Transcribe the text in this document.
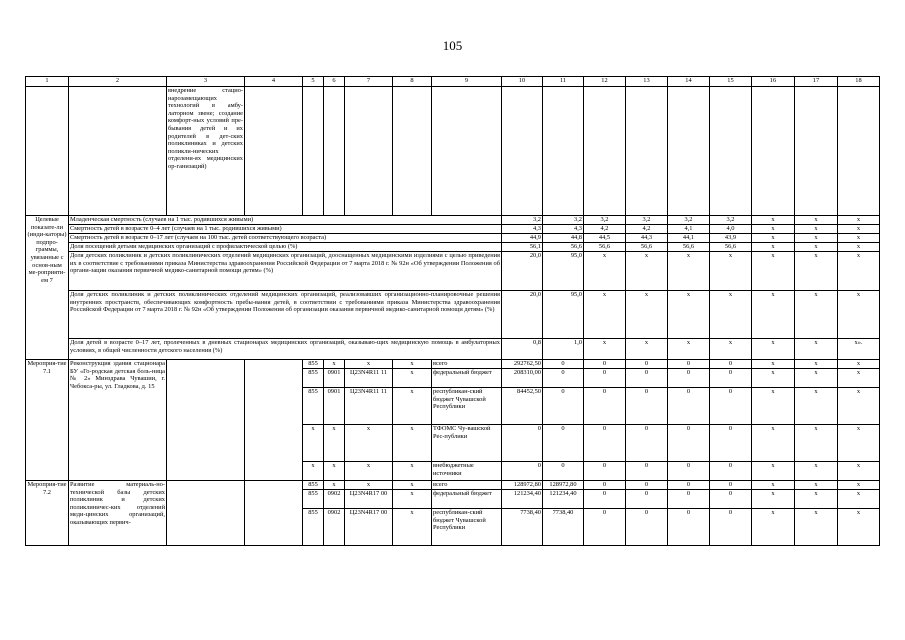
105
1	2	3	4	5	6	7	8	9	10	11	12	13	14	15	16	17	18
		внедрение стацио-нарозамещающих технологий в амбу-латорном звене; создание комфорт-ных условий пре-бывания детей и их родителей в дет-ских поликлиниках и детских поликли-нических отделени-ях медицинских ор-ганизаций)															
Целевые показате-ли (инди-каторы) подпро-граммы, увязанные с основ-ным ме-роприяти-ем 7	Младенческая смертность (случаев на 1 тыс. родившихся живыми)								3,2	3,2	3,2	3,2	3,2	3,2	x	x	x
	Смертность детей в возрасте 0–4 лет (случаев на 1 тыс. родившихся живыми)								4,3	4,3	4,2	4,2	4,1	4,0	x	x	x
	Смертность детей в возрасте 0–17 лет (случаев на 100 тыс. детей соответствующего возраста)								44,9	44,8	44,5	44,3	44,1	43,9	x	x	x
	Доля посещений детьми медицинских организаций с профилактической целью (%)								56,1	56,6	56,6	56,6	56,6	56,6	x	x	x
	Доля детских поликлиник и детских поликлинических отделений медицинских организаций, дооснащенных медицинскими изделиями с целью приведения их в соответствие с требованиями приказа Министерства здравоохранения Российской Федерации от 7 марта 2018 г. № 92н «Об утверждении Положения об органи-зации оказания первичной медико-санитарной помощи детям» (%)								20,0	95,0	x	x	x	x	x	x	x
	Доля детских поликлиник и детских поликлинических отделений медицинских организаций, реализовавших организационно-планировочные решения внутренних пространств, обеспечивающих комфортность пребы-вания детей, в соответствии с требованиями приказа Министерства здравоохранения Российской Федерации от 7 марта 2018 г. № 92н «Об утверждении Положения об организации оказания первичной медико-санитарной помощи детям» (%)								20,0	95,0	x	x	x	x	x	x	x
	Доля детей в возрасте 0–17 лет, пролеченных в дневных стационарах медицинских организаций, оказываю-щих медицинскую помощь в амбулаторных условиях, в общей численности детского населения (%)								0,8	1,0	x	x	x	x	x	x	x».
Мероприя-тие 7.1	Реконструкция здания стационара БУ «Го-родская детская боль-ница № 2» Минздрава Чувашии, г. Чебокса-ры, ул. Гладкова, д. 15			855	x	x	x	всего	292762,50	0	0	0	0	0	x	x	x
				855	0901	Ц23N4R11 11	x	федеральный бюджет	208310,00	0	0	0	0	0	x	x	x
				855	0901	Ц23N4R11 11	x	республикан-ский бюджет Чувашской Республики	84452,50	0	0	0	0	0	x	x	x
				x	x	x	x	ТФОМС Чу-вашской Рес-публики	0	0	0	0	0	0	x	x	x
				x	x	x	x	внебюджетные источники	0	0	0	0	0	0	x	x	x
Мероприя-тие 7.2	Развитие материаль-но-технической базы детских поликлиник и детских поликлиничес-ких отделений меди-цинских организаций, оказывающих первич-			855	x	x	x	всего	128972,80	128972,80	0	0	0	0	x	x	x
				855	0902	Ц23N4R17 00	x	федеральный бюджет	121234,40	121234,40	0	0	0	0	x	x	x
				855	0902	Ц23N4R17 00	x	республикан-ский бюджет Чувашской Республики	7738,40	7738,40	0	0	0	0	x	x	x
